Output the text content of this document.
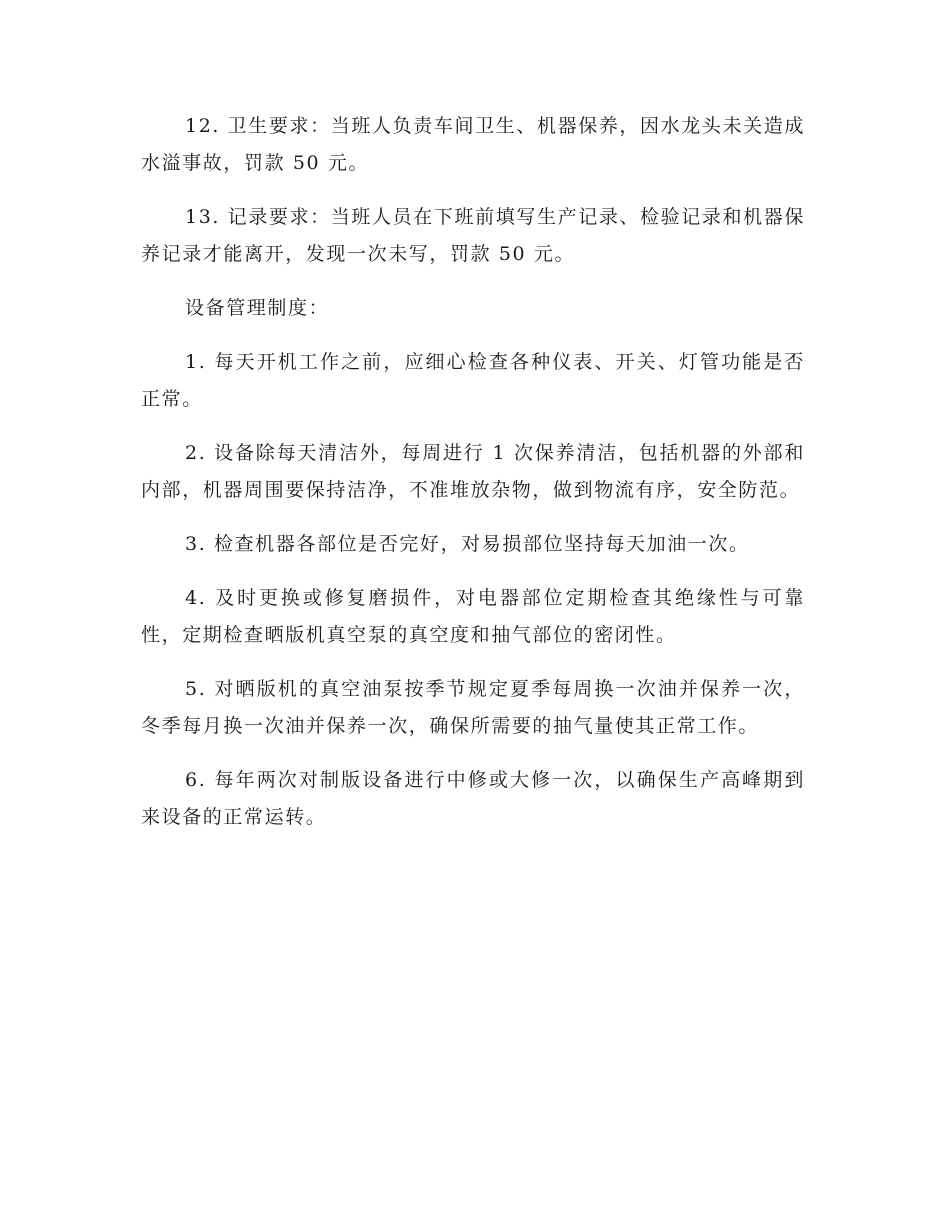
12. 卫生要求：当班人负责车间卫生、机器保养，因水龙头未关造成水溢事故，罚款 50 元。

13. 记录要求：当班人员在下班前填写生产记录、检验记录和机器保养记录才能离开，发现一次未写，罚款 50 元。

设备管理制度：

1. 每天开机工作之前，应细心检查各种仪表、开关、灯管功能是否正常。

2. 设备除每天清洁外，每周进行 1 次保养清洁，包括机器的外部和内部，机器周围要保持洁净，不准堆放杂物，做到物流有序，安全防范。

3. 检查机器各部位是否完好，对易损部位坚持每天加油一次。

4. 及时更换或修复磨损件，对电器部位定期检查其绝缘性与可靠性，定期检查晒版机真空泵的真空度和抽气部位的密闭性。

5. 对晒版机的真空油泵按季节规定夏季每周换一次油并保养一次，冬季每月换一次油并保养一次，确保所需要的抽气量使其正常工作。

6. 每年两次对制版设备进行中修或大修一次，以确保生产高峰期到来设备的正常运转。
